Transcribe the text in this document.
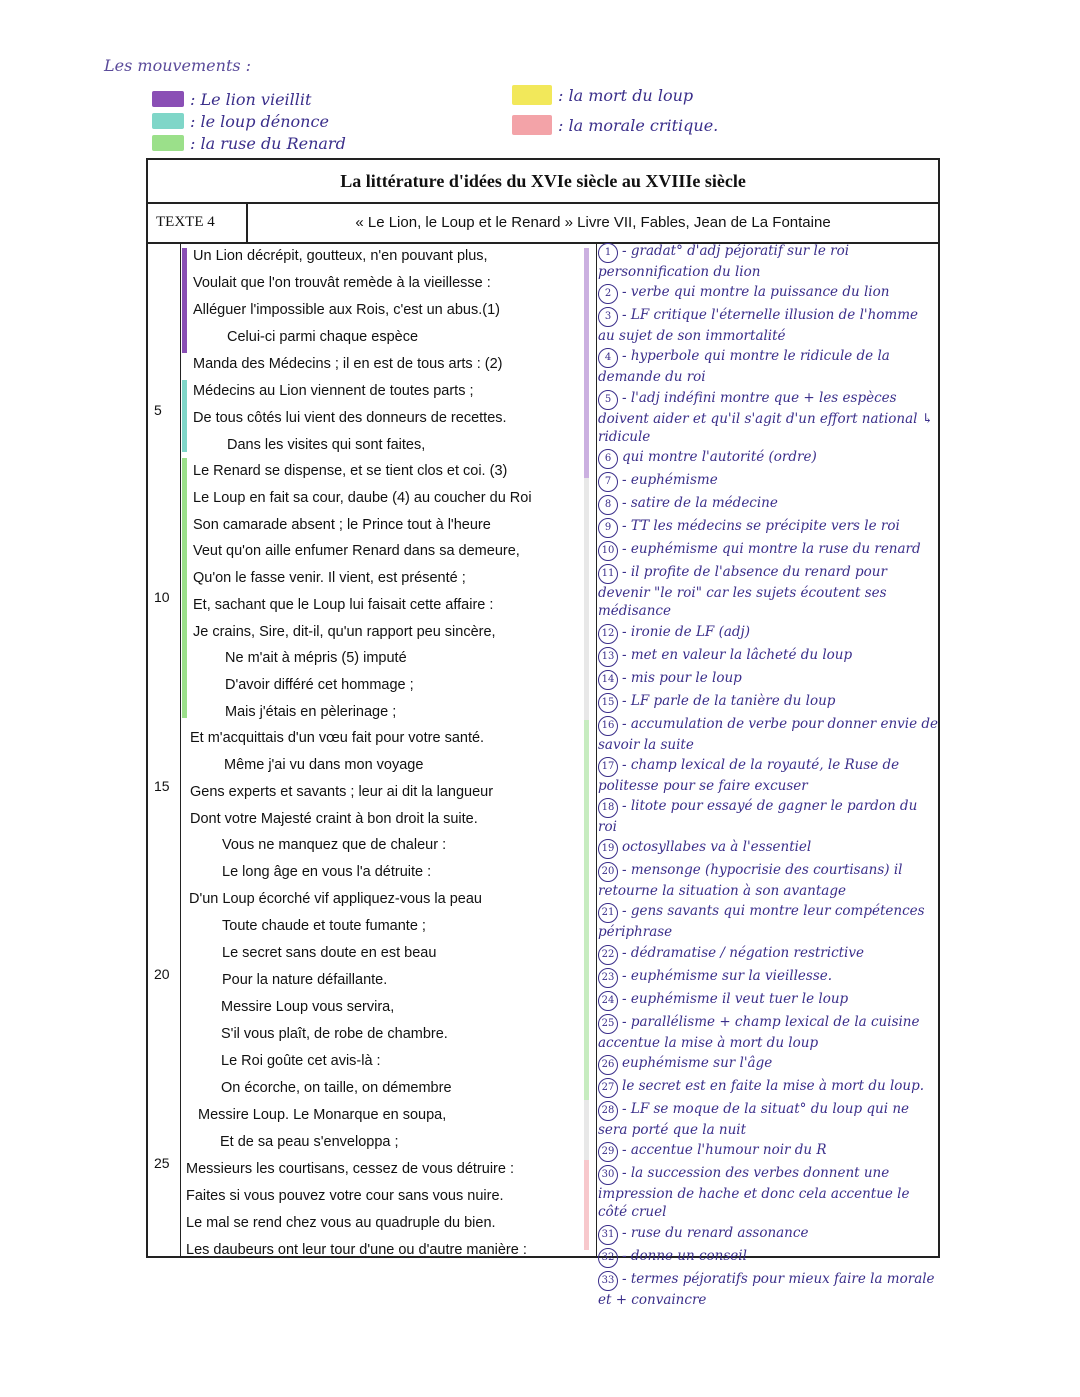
Les mouvements :
: Le lion vieillit
: le loup dénonce
: la ruse du Renard
: la mort du loup
: la morale critique.
La littérature d'idées du XVIe siècle au XVIIIe siècle
TEXTE 4	« Le Lion, le Loup et le Renard » Livre VII, Fables, Jean de La Fontaine
5
10
15
20
25
Un Lion décrépit, goutteux, n'en pouvant plus,
Voulait que l'on trouvât remède à la vieillesse :
Alléguer l'impossible aux Rois, c'est un abus.(1)
Celui-ci parmi chaque espèce
Manda des Médecins ; il en est de tous arts : (2)
Médecins au Lion viennent de toutes parts ;
De tous côtés lui vient des donneurs de recettes.
Dans les visites qui sont faites,
Le Renard se dispense, et se tient clos et coi. (3)
Le Loup en fait sa cour, daube (4) au coucher du Roi
Son camarade absent ; le Prince tout à l'heure
Veut qu'on aille enfumer Renard dans sa demeure,
Qu'on le fasse venir. Il vient, est présenté ;
Et, sachant que le Loup lui faisait cette affaire :
Je crains, Sire, dit-il, qu'un rapport peu sincère,
Ne m'ait à mépris (5) imputé
D'avoir différé cet hommage ;
Mais j'étais en pèlerinage ;
Et m'acquittais d'un vœu fait pour votre santé.
Même j'ai vu dans mon voyage
Gens experts et savants ; leur ai dit la langueur
Dont votre Majesté craint à bon droit la suite.
Vous ne manquez que de chaleur :
Le long âge en vous l'a détruite :
D'un Loup écorché vif appliquez-vous la peau
Toute chaude et toute fumante ;
Le secret sans doute en est beau
Pour la nature défaillante.
Messire Loup vous servira,
S'il vous plaît, de robe de chambre.
Le Roi goûte cet avis-là :
On écorche, on taille, on démembre
Messire Loup. Le Monarque en soupa,
Et de sa peau s'enveloppa ;
Messieurs les courtisans, cessez de vous détruire :
Faites si vous pouvez votre cour sans vous nuire.
Le mal se rend chez vous au quadruple du bien.
Les daubeurs ont leur tour d'une ou d'autre manière :
1 - gradat° d'adj péjoratif sur le roi personnification du lion
2 - verbe qui montre la puissance du lion
3 - LF critique l'éternelle illusion de l'homme au sujet de son immortalité
4 - hyperbole qui montre le ridicule de la demande du roi
5 - l'adj indéfini montre que + les espèces doivent aider et qu'il s'agit d'un effort national ↳ ridicule
6 qui montre l'autorité (ordre)
7 - euphémisme
8 - satire de la médecine
9 - TT les médecins se précipite vers le roi
10 - euphémisme qui montre la ruse du renard
11 - il profite de l'absence du renard pour devenir "le roi" car les sujets écoutent ses médisance
12 - ironie de LF (adj)
13 - met en valeur la lâcheté du loup
14 - mis pour le loup
15 - LF parle de la tanière du loup
16 - accumulation de verbe pour donner envie de savoir la suite
17 - champ lexical de la royauté, le Ruse de politesse pour se faire excuser
18 - litote pour essayé de gagner le pardon du roi
19 octosyllabes va à l'essentiel
20 - mensonge (hypocrisie des courtisans) il retourne la situation à son avantage
21 - gens savants qui montre leur compétences périphrase
22 - dédramatise / négation restrictive
23 - euphémisme sur la vieillesse.
24 - euphémisme il veut tuer le loup
25 - parallélisme + champ lexical de la cuisine accentue la mise à mort du loup
26 euphémisme sur l'âge
27 le secret est en faite la mise à mort du loup.
28 - LF se moque de la situat° du loup qui ne sera porté que la nuit
29 - accentue l'humour noir du R
30 - la succession des verbes donnent une impression de hache et donc cela accentue le côté cruel
31 - ruse du renard assonance
32 - donne un conseil
33 - termes péjoratifs pour mieux faire la morale et + convaincre
